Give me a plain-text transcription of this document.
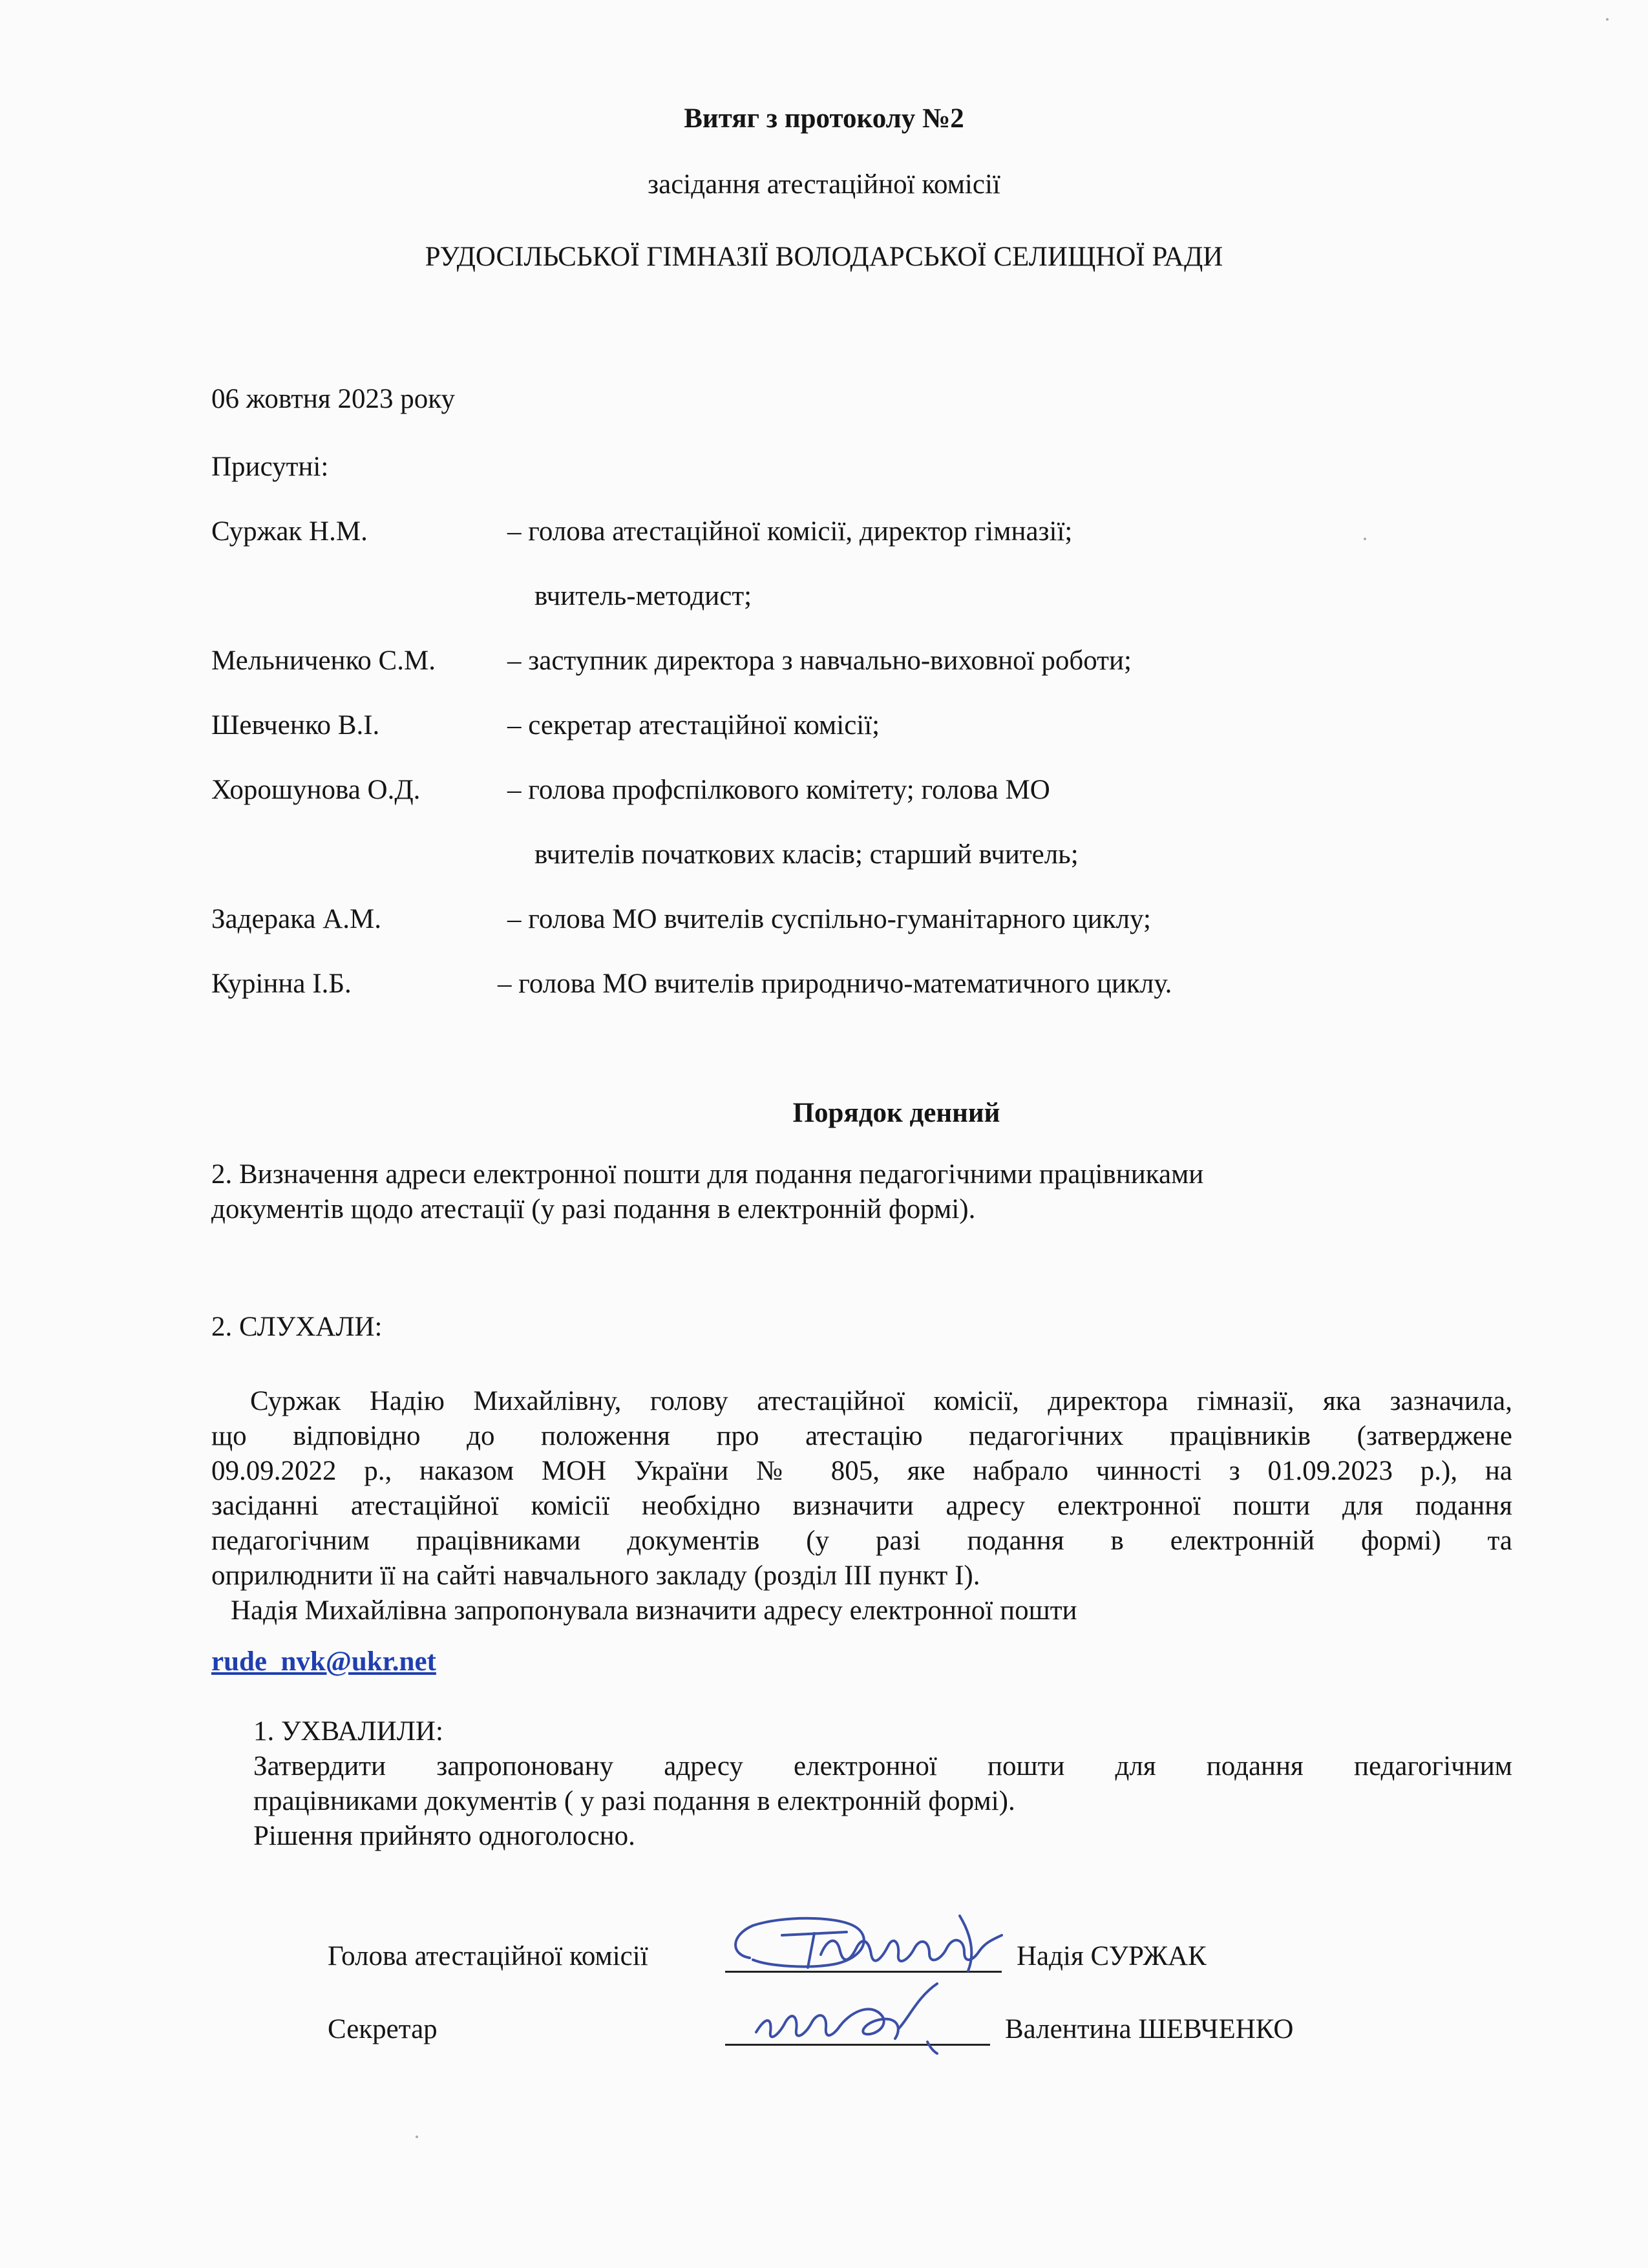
Витяг з протоколу №2
засідання атестаційної комісії
РУДОСІЛЬСЬКОЇ ГІМНАЗІЇ ВОЛОДАРСЬКОЇ СЕЛИЩНОЇ РАДИ
06 жовтня 2023 року
Присутні:
Суржак Н.М.	– голова атестаційної комісії, директор гімназії;
вчитель-методист;
Мельниченко С.М.	– заступник директора з навчально-виховної роботи;
Шевченко В.І.	– секретар атестаційної комісії;
Хорошунова О.Д.	– голова профспілкового комітету; голова МО
вчителів початкових класів; старший вчитель;
Задерака А.М.	– голова МО вчителів суспільно-гуманітарного циклу;
Курінна І.Б.	– голова МО вчителів природничо-математичного циклу.
Порядок денний
2. Визначення адреси електронної пошти для подання педагогічними працівниками
документів щодо атестації (у разі подання в електронній формі).
2. СЛУХАЛИ:
Суржак Надію Михайлівну, голову атестаційної комісії, директора гімназії, яка зазначила,
що відповідно до положення про атестацію педагогічних працівників (затверджене
09.09.2022 р., наказом МОН України № 805, яке набрало чинності з 01.09.2023 р.), на
засіданні атестаційної комісії необхідно визначити адресу електронної пошти для подання
педагогічним працівниками документів (у разі подання в електронній формі) та
оприлюднити її на сайті навчального закладу (розділ ІІІ пункт І).
Надія Михайлівна запропонувала визначити адресу електронної пошти
rude_nvk@ukr.net
1. УХВАЛИЛИ:
Затвердити запропоновану адресу електронної пошти для подання педагогічним
працівниками документів ( у разі подання в електронній формі).
Рішення прийнято одноголосно.
Голова атестаційної комісії	Надія СУРЖАК
Секретар	Валентина ШЕВЧЕНКО
